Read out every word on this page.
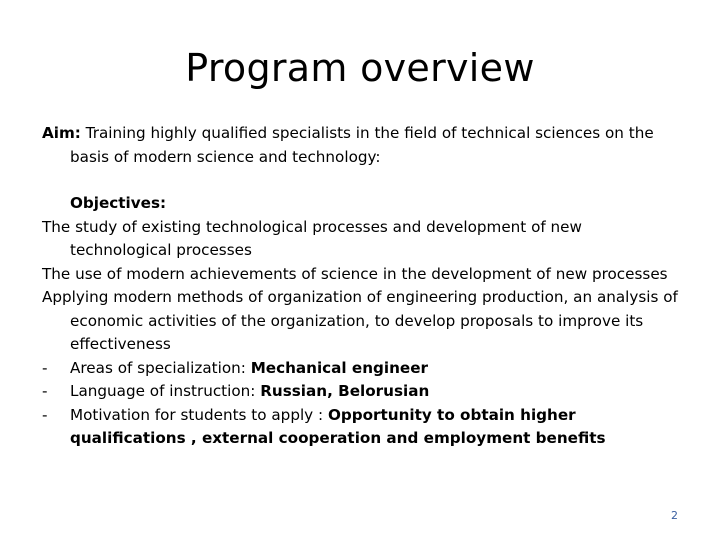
Program overview

Aim: Training highly qualified specialists in the field of technical sciences on the basis of modern science and technology:

Objectives:

The study of existing technological processes and development of new technological processes

The use of modern achievements of science in the development of new processes

Applying modern methods of organization of engineering production, an analysis of economic activities of the organization, to develop proposals to improve its effectiveness

- Areas of specialization: Mechanical engineer
- Language of instruction: Russian, Belorusian
- Motivation for students to apply : Opportunity to obtain higher qualifications , external cooperation and employment benefits
2
